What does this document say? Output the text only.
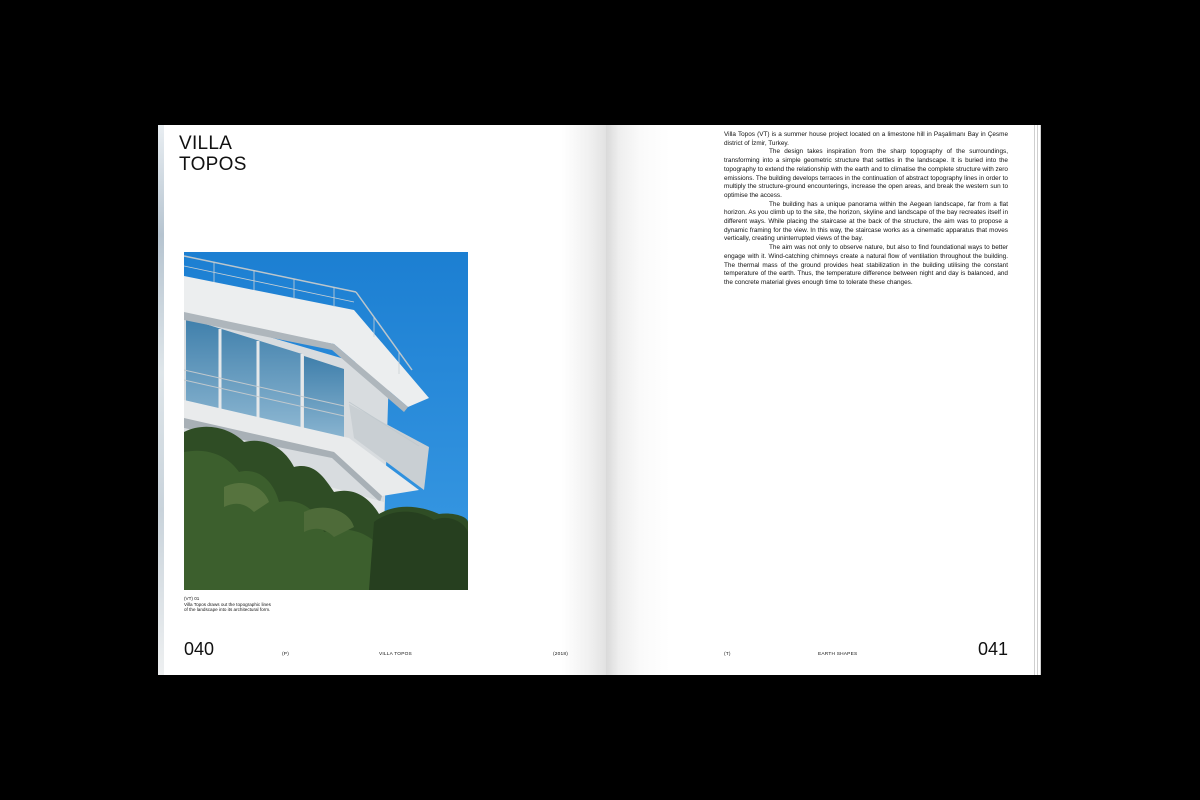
VILLA
TOPOS
(VT) 01
Villa Topos draws out the topographic lines
of the landscape into its architectural form.
040	(P)	VILLA TOPOS	(2018)

Villa Topos (VT) is a summer house project located on a limestone hill in Paşalimanı Bay in Çesme district of İzmir, Turkey.

The design takes inspiration from the sharp topography of the surroundings, transforming into a simple geometric structure that settles in the landscape. It is buried into the topography to extend the relationship with the earth and to climatise the complete structure with zero emissions. The building develops terraces in the continuation of abstract topography lines in order to multiply the structure-ground encounterings, increase the open areas, and break the western sun to optimise the access.

The building has a unique panorama within the Aegean landscape, far from a flat horizon. As you climb up to the site, the horizon, skyline and landscape of the bay recreates itself in different ways. While placing the staircase at the back of the structure, the aim was to propose a dynamic framing for the view. In this way, the staircase works as a cinematic apparatus that moves vertically, creating uninterrupted views of the bay.

The aim was not only to observe nature, but also to find foundational ways to better engage with it. Wind-catching chimneys create a natural flow of ventilation throughout the building. The thermal mass of the ground provides heat stabilization in the building utilising the constant temperature of the earth. Thus, the temperature difference between night and day is balanced, and the concrete material gives enough time to tolerate these changes.

(T)	EARTH SHAPES	041
